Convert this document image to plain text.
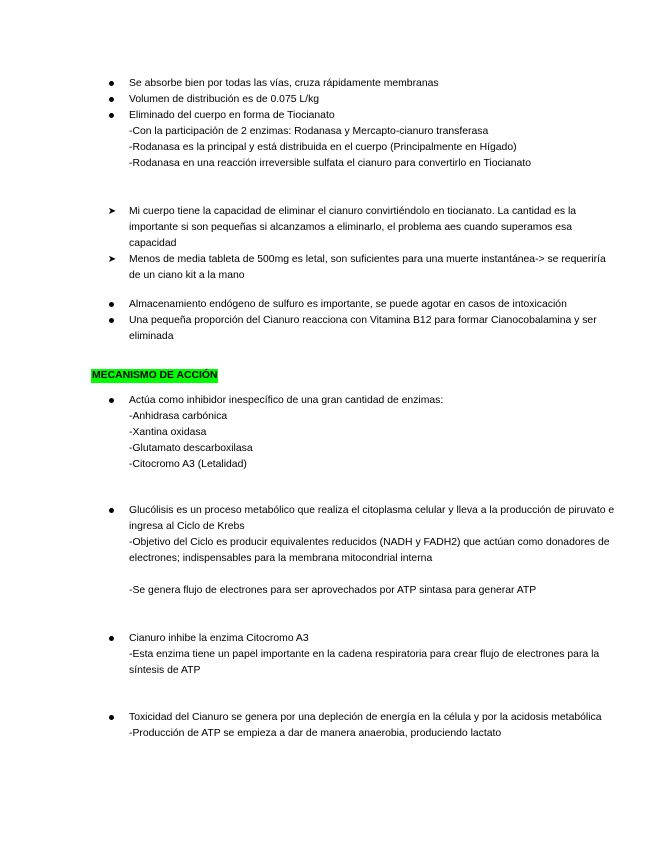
Se absorbe bien por todas las vías, cruza rápidamente membranas
Volumen de distribución es de 0.075 L/kg
Eliminado del cuerpo en forma de Tiocianato
-Con la participación de 2 enzimas: Rodanasa y Mercapto-cianuro transferasa
-Rodanasa es la principal y está distribuida en el cuerpo (Principalmente en Hígado)
-Rodanasa en una reacción irreversible sulfata el cianuro para convertirlo en Tiocianato
➤ Mi cuerpo tiene la capacidad de eliminar el cianuro convirtiéndolo en tiocianato. La cantidad es la importante si son pequeñas si alcanzamos a eliminarlo, el problema aes cuando superamos esa capacidad
➤ Menos de media tableta de 500mg es letal, son suficientes para una muerte instantánea-> se requeriría de un ciano kit a la mano
Almacenamiento endógeno de sulfuro es importante, se puede agotar en casos de intoxicación
Una pequeña proporción del Cianuro reacciona con Vitamina B12 para formar Cianocobalamina y ser eliminada
MECANISMO DE ACCIÓN
Actúa como inhibidor inespecífico de una gran cantidad de enzimas:
-Anhidrasa carbónica
-Xantina oxidasa
-Glutamato descarboxilasa
-Citocromo A3 (Letalidad)
Glucólisis es un proceso metabólico que realiza el citoplasma celular y lleva a la producción de piruvato e ingresa al Ciclo de Krebs
-Objetivo del Ciclo es producir equivalentes reducidos (NADH y FADH2) que actúan como donadores de electrones; indispensables para la membrana mitocondrial interna
-Se genera flujo de electrones para ser aprovechados por ATP sintasa para generar ATP
Cianuro inhibe la enzima Citocromo A3
-Esta enzima tiene un papel importante en la cadena respiratoria para crear flujo de electrones para la síntesis de ATP
Toxicidad del Cianuro se genera por una depleción de energía en la célula y por la acidosis metabólica
-Producción de ATP se empieza a dar de manera anaerobia, produciendo lactato
